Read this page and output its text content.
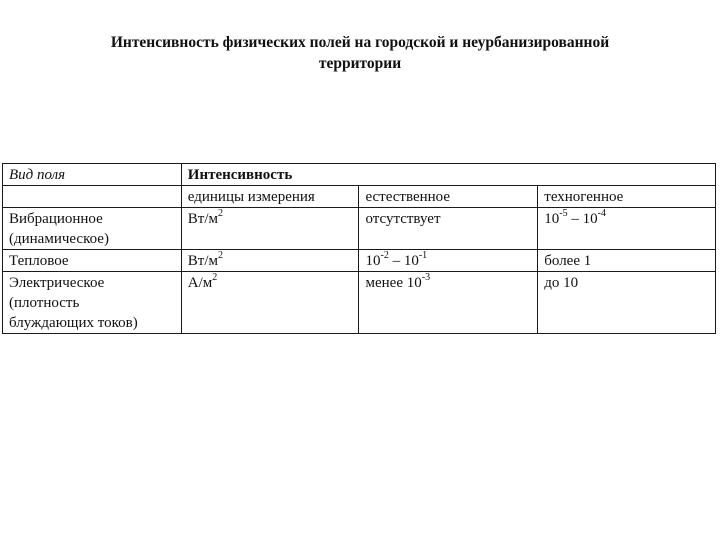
Интенсивность физических полей на городской и неурбанизированной
территории
Вид поля	Интенсивность		
	единицы измерения	естественное	техногенное

Вибрационное
(динамическое)	$Вт/м^2$	отсутствует	$10^{-5} - 10^{-4}$

Тепловое	$Вт/м^2$	$10^{-2} - 10^{-1}$	более 1

Электрическое
(плотность
блуждающих токов)	$А/м^2$	менее $10^{-3}$	до 10
